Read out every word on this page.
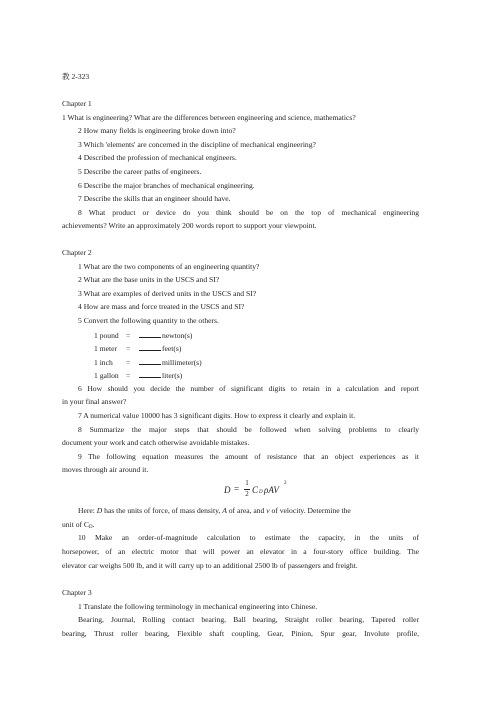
教 2-323
Chapter 1
1 What is engineering? What are the differences between engineering and science, mathematics?
2 How many fields is engineering broke down into?
3 Which 'elements' are concerned in the discipline of mechanical engineering?
4 Described the profession of mechanical engineers.
5 Describe the career paths of engineers.
6 Describe the major branches of mechanical engineering.
7 Describe the skills that an engineer should have.
8 What product or device do you think should be on the top of mechanical engineering
achievements? Write an approximately 200 words report to support your viewpoint.
Chapter 2
1 What are the two components of an engineering quantity?
2 What are the base units in the USCS and SI?
3 What are examples of derived units in the USCS and SI?
4 How are mass and force treated in the USCS and SI?
5 Convert the following quantity to the others.
1 pound =	newton(s)
1 meter =	feet(s)
1 inch =	millimeter(s)
1 gallon =	liter(s)
6 How should you decide the number of significant digits to retain in a calculation and report
in your final answer?
7 A numerical value 10000 has 3 significant digits. How to express it clearly and explain it.
8 Summarize the major steps that should be followed when solving problems to clearly
document your work and catch otherwise avoidable mistakes.
9 The following equation measures the amount of resistance that an object experiences as it
moves through air around it.
D =
1
2 C D ρAV
2
Here: D has the units of force, of mass density, A of area, and v of velocity. Determine the
unit of $C_D$.
10 Make an order-of-magnitude calculation to estimate the capacity, in the units of
horsepower, of an electric motor that will power an elevator in a four-story office building. The
elevator car weighs 500 lb, and it will carry up to an additional 2500 lb of passengers and freight.
Chapter 3
1 Translate the following terminology in mechanical engineering into Chinese.
Bearing, Journal, Rolling contact bearing, Ball bearing, Straight roller bearing, Tapered roller
bearing, Thrust roller bearing, Flexible shaft coupling, Gear, Pinion, Spur gear, Involute profile,
